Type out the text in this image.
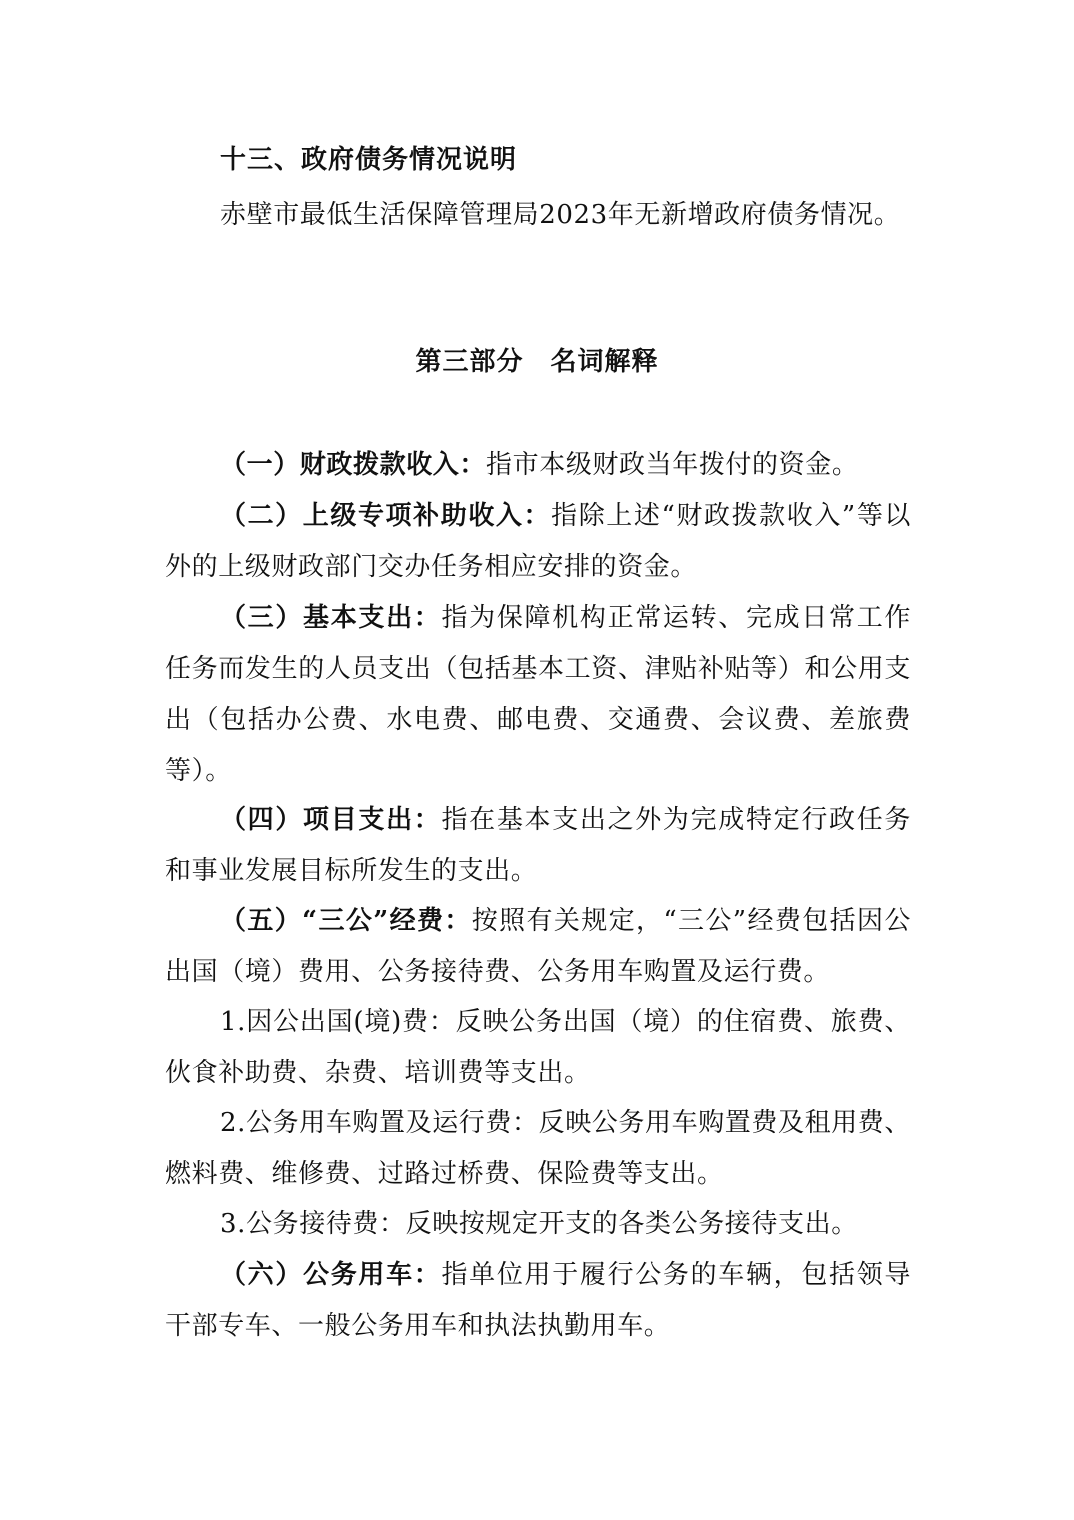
十三、政府债务情况说明
赤壁市最低生活保障管理局2023年无新增政府债务情况。
第三部分　名词解释
（一）财政拨款收入：指市本级财政当年拨付的资金。
（二）上级专项补助收入：指除上述“财政拨款收入”等以外的上级财政部门交办任务相应安排的资金。
（三）基本支出：指为保障机构正常运转、完成日常工作任务而发生的人员支出（包括基本工资、津贴补贴等）和公用支出（包括办公费、水电费、邮电费、交通费、会议费、差旅费等）。
（四）项目支出：指在基本支出之外为完成特定行政任务和事业发展目标所发生的支出。
（五）“三公”经费：按照有关规定，“三公”经费包括因公出国（境）费用、公务接待费、公务用车购置及运行费。
1.因公出国(境)费：反映公务出国（境）的住宿费、旅费、伙食补助费、杂费、培训费等支出。
2.公务用车购置及运行费：反映公务用车购置费及租用费、燃料费、维修费、过路过桥费、保险费等支出。
3.公务接待费：反映按规定开支的各类公务接待支出。
（六）公务用车：指单位用于履行公务的车辆，包括领导干部专车、一般公务用车和执法执勤用车。
